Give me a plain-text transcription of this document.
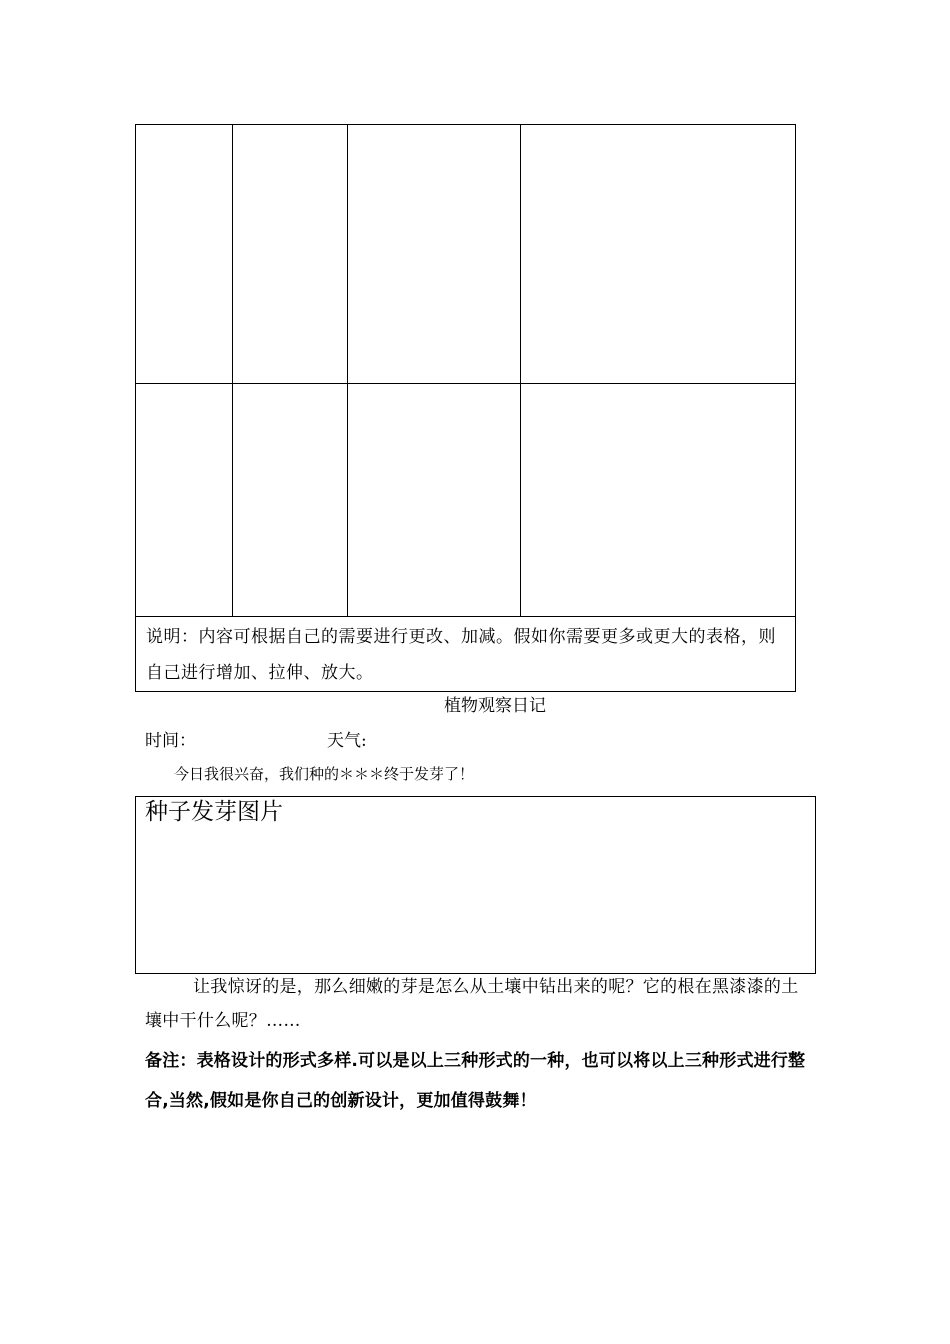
说明：内容可根据自己的需要进行更改、加减。假如你需要更多或更大的表格，则自己进行增加、拉伸、放大。
植物观察日记
时间：	天气:
今日我很兴奋，我们种的＊＊＊终于发芽了！
种子发芽图片
让我惊讶的是，那么细嫩的芽是怎么从土壤中钻出来的呢？它的根在黑漆漆的土壤中干什么呢？……
备注：表格设计的形式多样.可以是以上三种形式的一种，也可以将以上三种形式进行整合,当然,假如是你自己的创新设计，更加值得鼓舞！
